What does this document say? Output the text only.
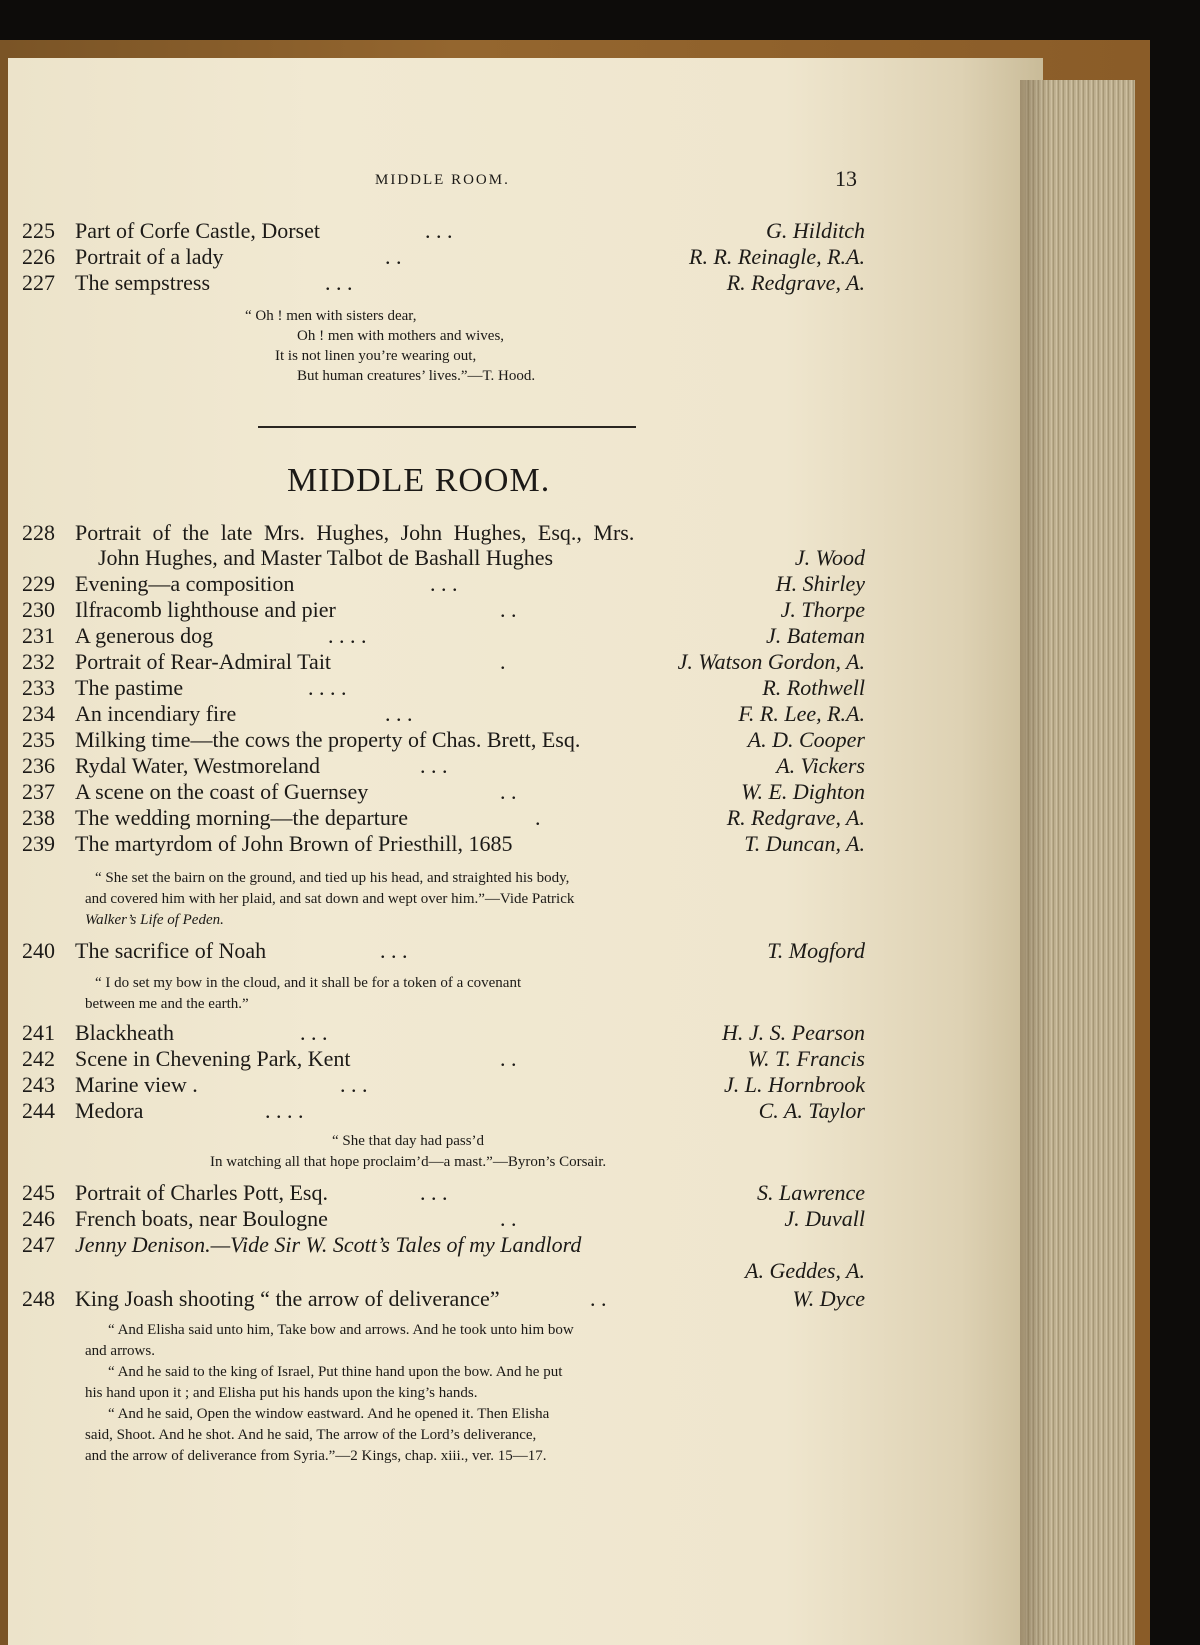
MIDDLE ROOM.	13
225 Part of Corfe Castle, Dorset	. . .	G. Hilditch
226 Portrait of a lady	. .	R. R. Reinagle, R.A.
227 The sempstress	. . .	R. Redgrave, A.
“ Oh ! men with sisters dear,
Oh ! men with mothers and wives,
It is not linen you’re wearing out,
But human creatures’ lives.”—T. Hood.
MIDDLE ROOM.
228 Portrait of the late Mrs. Hughes, John Hughes, Esq., Mrs.
John Hughes, and Master Talbot de Bashall Hughes	J. Wood
229 Evening—a composition	. . .	H. Shirley
230 Ilfracomb lighthouse and pier	. .	J. Thorpe
231 A generous dog	. . . .	J. Bateman
232 Portrait of Rear-Admiral Tait	.	J. Watson Gordon, A.
233 The pastime	. . . .	R. Rothwell
234 An incendiary fire	. . .	F. R. Lee, R.A.
235 Milking time—the cows the property of Chas. Brett, Esq.	A. D. Cooper
236 Rydal Water, Westmoreland	. . .	A. Vickers
237 A scene on the coast of Guernsey	. .	W. E. Dighton
238 The wedding morning—the departure	.	R. Redgrave, A.
239 The martyrdom of John Brown of Priesthill, 1685	T. Duncan, A.
“ She set the bairn on the ground, and tied up his head, and straighted his body,
and covered him with her plaid, and sat down and wept over him.”—Vide Patrick
Walker’s Life of Peden.
240 The sacrifice of Noah	. . .	T. Mogford
“ I do set my bow in the cloud, and it shall be for a token of a covenant
between me and the earth.”
241 Blackheath	. . .	H. J. S. Pearson
242 Scene in Chevening Park, Kent	. .	W. T. Francis
243 Marine view .	. . .	J. L. Hornbrook
244 Medora	. . . .	C. A. Taylor
“ She that day had pass’d
In watching all that hope proclaim’d—a mast.”—Byron’s Corsair.
245 Portrait of Charles Pott, Esq.	. . .	S. Lawrence
246 French boats, near Boulogne	. .	J. Duvall
247 Jenny Denison.—Vide Sir W. Scott’s Tales of my Landlord
A. Geddes, A.
248 King Joash shooting “ the arrow of deliverance”	. .	W. Dyce
“ And Elisha said unto him, Take bow and arrows. And he took unto him bow
and arrows.
“ And he said to the king of Israel, Put thine hand upon the bow. And he put
his hand upon it ; and Elisha put his hands upon the king’s hands.
“ And he said, Open the window eastward. And he opened it. Then Elisha
said, Shoot. And he shot. And he said, The arrow of the Lord’s deliverance,
and the arrow of deliverance from Syria.”—2 Kings, chap. xiii., ver. 15—17.
